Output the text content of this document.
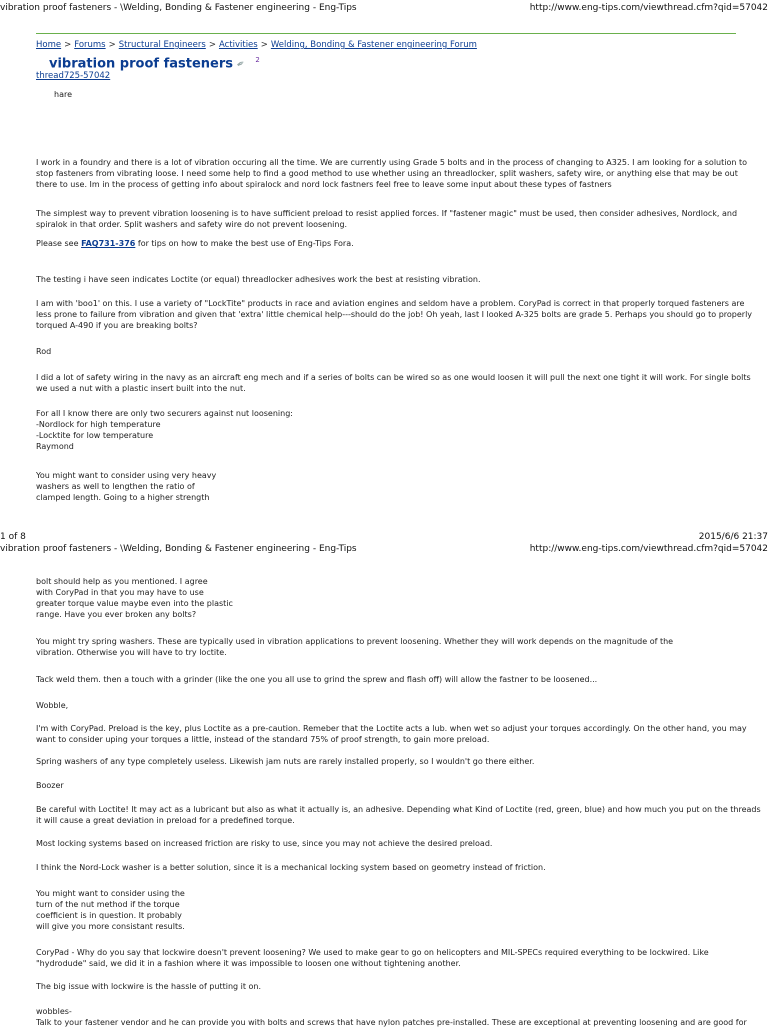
vibration proof fasteners - \Welding, Bonding & Fastener engineering - Eng-Tips	http://www.eng-tips.com/viewthread.cfm?qid=57042
Home > Forums > Structural Engineers > Activities > Welding, Bonding & Fastener engineering Forum
vibration proof fasteners ✒ $^2$
thread725-57042
hare
I work in a foundry and there is a lot of vibration occuring all the time. We are currently using Grade 5 bolts and in the process of changing to A325. I am looking for a solution to
stop fasteners from vibrating loose. I need some help to find a good method to use whether using an threadlocker, split washers, safety wire, or anything else that may be out
there to use. Im in the process of getting info about spiralock and nord lock fastners feel free to leave some input about these types of fastners
The simplest way to prevent vibration loosening is to have sufficient preload to resist applied forces. If "fastener magic" must be used, then consider adhesives, Nordlock, and
spiralok in that order. Split washers and safety wire do not prevent loosening.
Please see FAQ731-376 for tips on how to make the best use of Eng-Tips Fora.
The testing i have seen indicates Loctite (or equal) threadlocker adhesives work the best at resisting vibration.
I am with 'boo1' on this. I use a variety of "LockTite" products in race and aviation engines and seldom have a problem. CoryPad is correct in that properly torqued fasteners are
less prone to failure from vibration and given that 'extra' little chemical help---should do the job! Oh yeah, last I looked A-325 bolts are grade 5. Perhaps you should go to properly
torqued A-490 if you are breaking bolts?
Rod
I did a lot of safety wiring in the navy as an aircraft eng mech and if a series of bolts can be wired so as one would loosen it will pull the next one tight it will work. For single bolts
we used a nut with a plastic insert built into the nut.
For all I know there are only two securers against nut loosening:
-Nordlock for high temperature
-Locktite for low temperature
Raymond
You might want to consider using very heavy
washers as well to lengthen the ratio of
clamped length. Going to a higher strength
1 of 8	2015/6/6 21:37
vibration proof fasteners - \Welding, Bonding & Fastener engineering - Eng-Tips	http://www.eng-tips.com/viewthread.cfm?qid=57042
bolt should help as you mentioned. I agree
with CoryPad in that you may have to use
greater torque value maybe even into the plastic
range. Have you ever broken any bolts?
You might try spring washers. These are typically used in vibration applications to prevent loosening. Whether they will work depends on the magnitude of the
vibration. Otherwise you will have to try loctite.
Tack weld them. then a touch with a grinder (like the one you all use to grind the sprew and flash off) will allow the fastner to be loosened...
Wobble,
I'm with CoryPad. Preload is the key, plus Loctite as a pre-caution. Remeber that the Loctite acts a lub. when wet so adjust your torques accordingly. On the other hand, you may
want to consider uping your torques a little, instead of the standard 75% of proof strength, to gain more preload.
Spring washers of any type completely useless. Likewish jam nuts are rarely installed properly, so I wouldn't go there either.
Boozer
Be careful with Loctite! It may act as a lubricant but also as what it actually is, an adhesive. Depending what Kind of Loctite (red, green, blue) and how much you put on the threads
it will cause a great deviation in preload for a predefined torque.
Most locking systems based on increased friction are risky to use, since you may not achieve the desired preload.
I think the Nord-Lock washer is a better solution, since it is a mechanical locking system based on geometry instead of friction.
You might want to consider using the
turn of the nut method if the torque
coefficient is in question. It probably
will give you more consistant results.
CoryPad - Why do you say that lockwire doesn't prevent loosening? We used to make gear to go on helicopters and MIL-SPECs required everything to be lockwired. Like
"hydrodude" said, we did it in a fashion where it was impossible to loosen one without tightening another.
The big issue with lockwire is the hassle of putting it on.
wobbles-
Talk to your fastener vendor and he can provide you with bolts and screws that have nylon patches pre-installed. These are exceptional at preventing loosening and are good for
